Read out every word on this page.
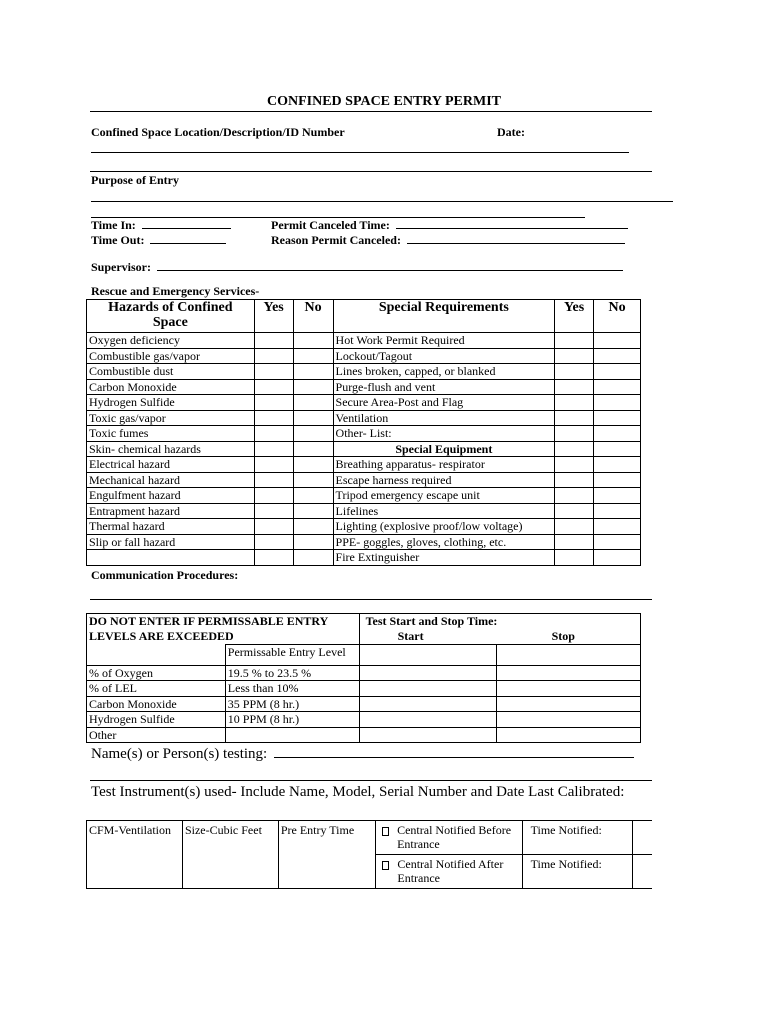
CONFINED SPACE ENTRY PERMIT
Confined Space Location/Description/ID Number	Date:
Purpose of Entry
Time In:
Time Out:
Permit Canceled Time:
Reason Permit Canceled:
Supervisor:
Rescue and Emergency Services-
Hazards of Confined Space	Yes	No	Special Requirements	Yes	No
Oxygen deficiency			Hot Work Permit Required		
Combustible gas/vapor			Lockout/Tagout		
Combustible dust			Lines broken, capped, or blanked		
Carbon Monoxide			Purge-flush and vent		
Hydrogen Sulfide			Secure Area-Post and Flag		
Toxic gas/vapor			Ventilation		
Toxic fumes			Other- List:		
Skin- chemical hazards			Special Equipment		
Electrical hazard			Breathing apparatus- respirator		
Mechanical hazard			Escape harness required		
Engulfment hazard			Tripod emergency escape unit		
Entrapment hazard			Lifelines		
Thermal hazard			Lighting (explosive proof/low voltage)		
Slip or fall hazard			PPE- goggles, gloves, clothing, etc.		
			Fire Extinguisher		
Communication Procedures:
DO NOT ENTER IF PERMISSABLE ENTRY LEVELS ARE EXCEEDED		Test Start and Stop Time:
Start Stop	

	Permissable Entry Level		
% of Oxygen	19.5 % to 23.5 %		
% of LEL	Less than 10%		
Carbon Monoxide	35 PPM (8 hr.)		
Hydrogen Sulfide	10 PPM (8 hr.)		
Other			
Name(s) or Person(s) testing:
Test Instrument(s) used- Include Name, Model, Serial Number and Date Last Calibrated:
CFM-Ventilation	Size-Cubic Feet	Pre Entry Time	Central Notified Before Entrance	Time Notified:	

			Central Notified After Entrance	Time Notified:	
